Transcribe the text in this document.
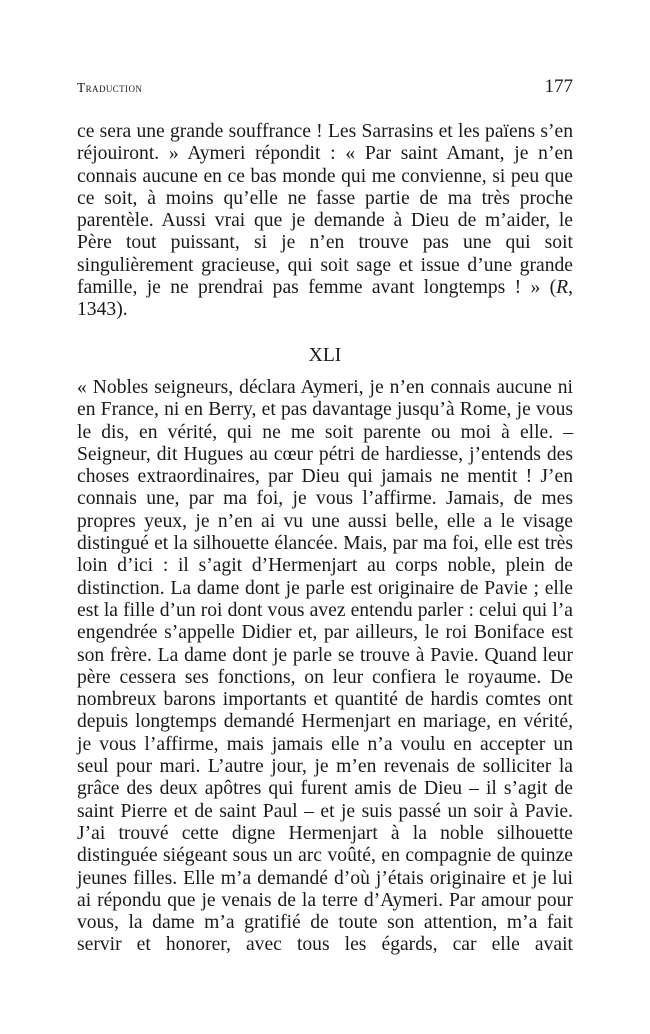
Traduction	177

ce sera une grande souffrance ! Les Sarrasins et les païens s’en réjouiront. » Aymeri répondit : « Par saint Amant, je n’en connais aucune en ce bas monde qui me convienne, si peu que ce soit, à moins qu’elle ne fasse partie de ma très proche parentèle. Aussi vrai que je demande à Dieu de m’aider, le Père tout puissant, si je n’en trouve pas une qui soit singulièrement gracieuse, qui soit sage et issue d’une grande famille, je ne prendrai pas femme avant longtemps ! » (R, 1343).

XLI

« Nobles seigneurs, déclara Aymeri, je n’en connais aucune ni en France, ni en Berry, et pas davantage jusqu’à Rome, je vous le dis, en vérité, qui ne me soit parente ou moi à elle. – Seigneur, dit Hugues au cœur pétri de hardiesse, j’entends des choses extraordinaires, par Dieu qui jamais ne mentit ! J’en connais une, par ma foi, je vous l’affirme. Jamais, de mes propres yeux, je n’en ai vu une aussi belle, elle a le visage distingué et la silhouette élancée. Mais, par ma foi, elle est très loin d’ici : il s’agit d’Hermenjart au corps noble, plein de distinction. La dame dont je parle est originaire de Pavie ; elle est la fille d’un roi dont vous avez entendu parler : celui qui l’a engendrée s’appelle Didier et, par ailleurs, le roi Boniface est son frère. La dame dont je parle se trouve à Pavie. Quand leur père cessera ses fonctions, on leur confiera le royaume. De nombreux barons importants et quantité de hardis comtes ont depuis longtemps demandé Hermenjart en mariage, en vérité, je vous l’affirme, mais jamais elle n’a voulu en accepter un seul pour mari. L’autre jour, je m’en revenais de solliciter la grâce des deux apôtres qui furent amis de Dieu – il s’agit de saint Pierre et de saint Paul – et je suis passé un soir à Pavie. J’ai trouvé cette digne Hermenjart à la noble silhouette distinguée siégeant sous un arc voûté, en compagnie de quinze jeunes filles. Elle m’a demandé d’où j’étais originaire et je lui ai répondu que je venais de la terre d’Aymeri. Par amour pour vous, la dame m’a gratifié de toute son attention, m’a fait servir et honorer, avec tous les égards, car elle avait
